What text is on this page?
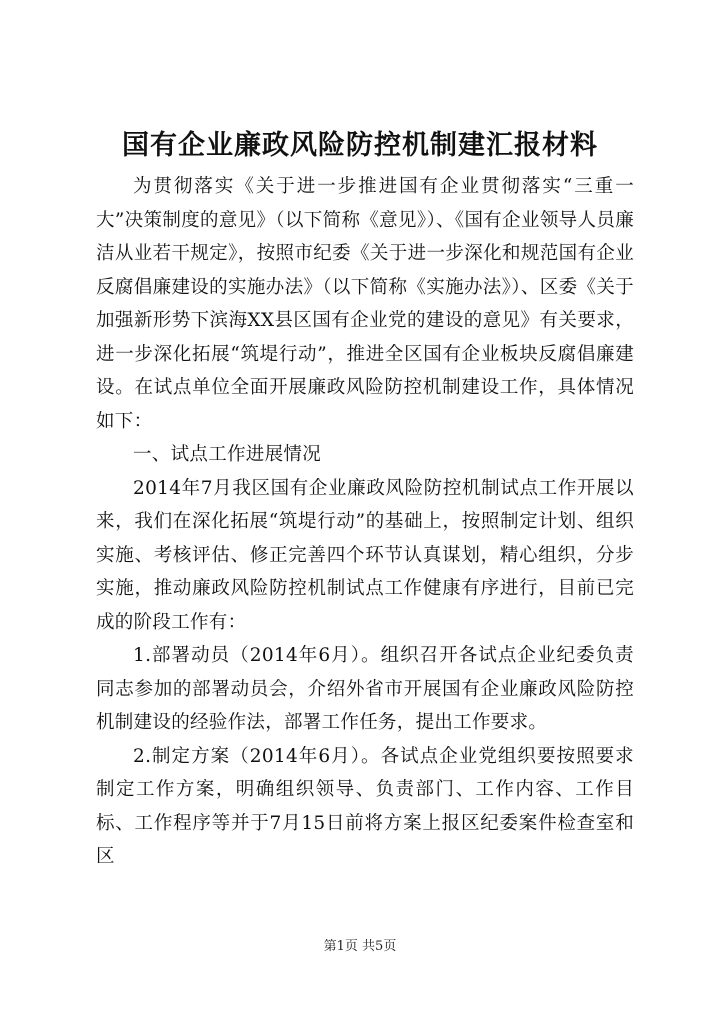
国有企业廉政风险防控机制建汇报材料

为贯彻落实《关于进一步推进国有企业贯彻落实“三重一大”决策制度的意见》（以下简称《意见》）、《国有企业领导人员廉洁从业若干规定》，按照市纪委《关于进一步深化和规范国有企业反腐倡廉建设的实施办法》（以下简称《实施办法》）、区委《关于加强新形势下滨海XX县区国有企业党的建设的意见》有关要求，进一步深化拓展“筑堤行动”，推进全区国有企业板块反腐倡廉建设。在试点单位全面开展廉政风险防控机制建设工作，具体情况如下：

一、试点工作进展情况

2014年7月我区国有企业廉政风险防控机制试点工作开展以来，我们在深化拓展“筑堤行动”的基础上，按照制定计划、组织实施、考核评估、修正完善四个环节认真谋划，精心组织，分步实施，推动廉政风险防控机制试点工作健康有序进行，目前已完成的阶段工作有：

1.部署动员（2014年6月）。组织召开各试点企业纪委负责同志参加的部署动员会，介绍外省市开展国有企业廉政风险防控机制建设的经验作法，部署工作任务，提出工作要求。

2.制定方案（2014年6月）。各试点企业党组织要按照要求制定工作方案，明确组织领导、负责部门、工作内容、工作目标、工作程序等并于7月15日前将方案上报区纪委案件检查室和区

第1页 共5页
